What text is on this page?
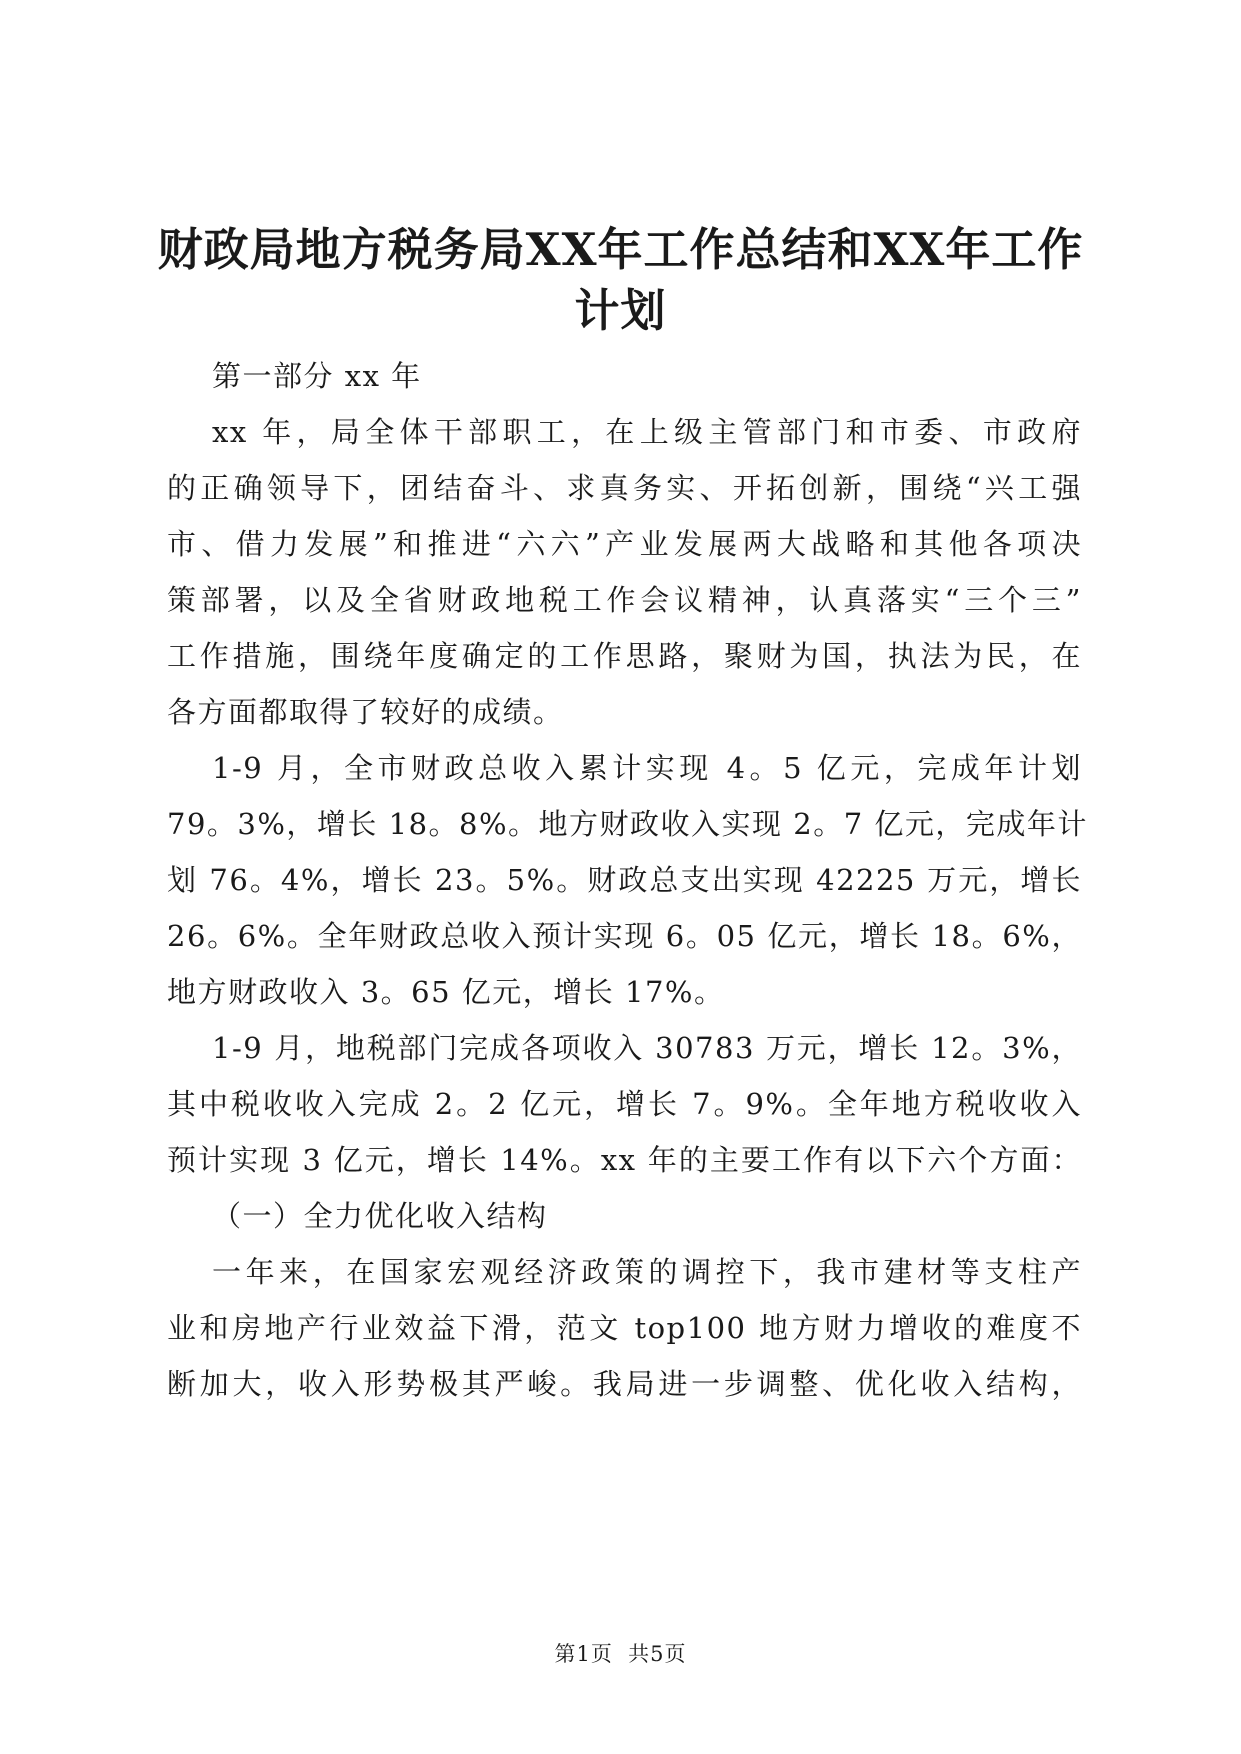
财政局地方税务局XX年工作总结和XX年工作
计划
第一部分 xx 年
xx 年，局全体干部职工，在上级主管部门和市委、市政府
的正确领导下，团结奋斗、求真务实、开拓创新，围绕“兴工强
市、借力发展”和推进“六六”产业发展两大战略和其他各项决
策部署，以及全省财政地税工作会议精神，认真落实“三个三”
工作措施，围绕年度确定的工作思路，聚财为国，执法为民，在
各方面都取得了较好的成绩。
1-9 月，全市财政总收入累计实现 4。5 亿元，完成年计划
79。3%，增长 18。8%。地方财政收入实现 2。7 亿元，完成年计
划 76。4%，增长 23。5%。财政总支出实现 42225 万元，增长
26。6%。全年财政总收入预计实现 6。05 亿元，增长 18。6%，
地方财政收入 3。65 亿元，增长 17%。
1-9 月，地税部门完成各项收入 30783 万元，增长 12。3%，
其中税收收入完成 2。2 亿元，增长 7。9%。全年地方税收收入
预计实现 3 亿元，增长 14%。xx 年的主要工作有以下六个方面：
（一）全力优化收入结构
一年来，在国家宏观经济政策的调控下，我市建材等支柱产
业和房地产行业效益下滑，范文 top100 地方财力增收的难度不
断加大，收入形势极其严峻。我局进一步调整、优化收入结构，
第1页  共5页
